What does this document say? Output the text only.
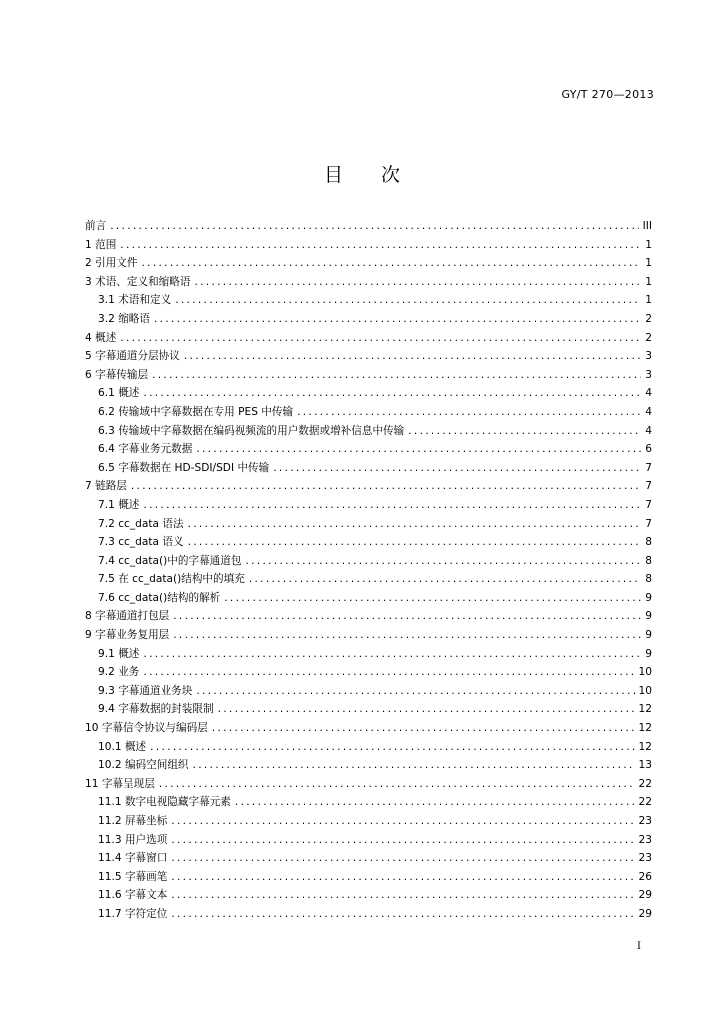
GY/T 270—2013
目 次
前言 .....	III
1 范围 .....	1
2 引用文件 .....	1
3 术语、定义和缩略语 .....	1
3.1 术语和定义 .....	1
3.2 缩略语 .....	2
4 概述 .....	2
5 字幕通道分层协议 .....	3
6 字幕传输层 .....	3
6.1 概述 .....	4
6.2 传输域中字幕数据在专用 PES 中传输 .....	4
6.3 传输域中字幕数据在编码视频流的用户数据或增补信息中传输 .....	4
6.4 字幕业务元数据 .....	6
6.5 字幕数据在 HD-SDI/SDI 中传输 .....	7
7 链路层 .....	7
7.1 概述 .....	7
7.2 cc_data 语法 .....	7
7.3 cc_data 语义 .....	8
7.4 cc_data()中的字幕通道包 .....	8
7.5 在 cc_data()结构中的填充 .....	8
7.6 cc_data()结构的解析 .....	9
8 字幕通道打包层 .....	9
9 字幕业务复用层 .....	9
9.1 概述 .....	9
9.2 业务 .....	10
9.3 字幕通道业务块 .....	10
9.4 字幕数据的封装限制 .....	12
10 字幕信令协议与编码层 .....	12
10.1 概述 .....	12
10.2 编码空间组织 .....	13
11 字幕呈现层 .....	22
11.1 数字电视隐藏字幕元素 .....	22
11.2 屏幕坐标 .....	23
11.3 用户选项 .....	23
11.4 字幕窗口 .....	23
11.5 字幕画笔 .....	26
11.6 字幕文本 .....	29
11.7 字符定位 .....	29
I
